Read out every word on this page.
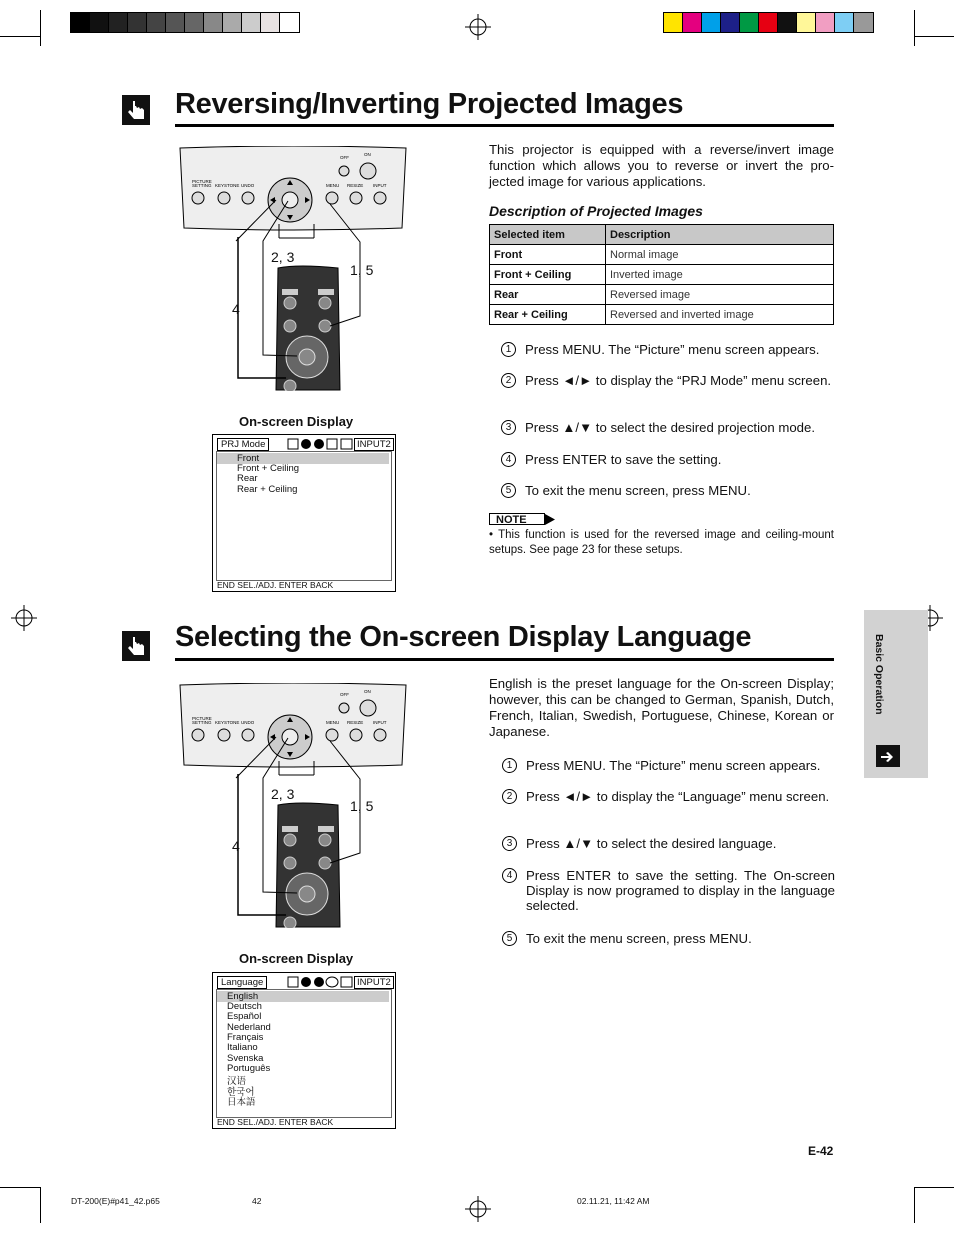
Reversing/Inverting Projected Images
PICTURE
SETTING KEYSTONE UNDO	MENU RESIZE INPUT
OFF
ON
2, 3
1, 5
4
On-screen Display
PRJ Mode	INPUT2
Front
Front + Ceiling
Rear
Rear + Ceiling
END SEL./ADJ. ENTER BACK
This projector is equipped with a reverse/invert image function which allows you to reverse or invert the pro-jected image for various applications.
Description of Projected Images
Selected item	Description
Front	Normal image
Front + Ceiling	Inverted image
Rear	Reversed image
Rear + Ceiling	Reversed and inverted image
1	Press MENU. The “Picture” menu screen appears.
2	Press ◄/► to display the “PRJ Mode” menu screen.
3	Press ▲/▼ to select the desired projection mode.
4	Press ENTER to save the setting.
5	To exit the menu screen, press MENU.
NOTE
• This function is used for the reversed image and ceiling-mount setups. See page 23 for these setups.
Selecting the On-screen Display Language
PICTURE
SETTING KEYSTONE UNDO	MENU RESIZE INPUT
OFF
ON
2, 3
1, 5
4
On-screen Display
Language	INPUT2
English
Deutsch
Español
Nederland
Français
Italiano
Svenska
Português
汉语
한국어
日本語
END SEL./ADJ. ENTER BACK
English is the preset language for the On-screen Display; however, this can be changed to German, Spanish, Dutch, French, Italian, Swedish, Portuguese, Chinese, Korean or Japanese.
1	Press MENU. The “Picture” menu screen appears.
2	Press ◄/► to display the “Language” menu screen.
3	Press ▲/▼ to select the desired language.
4	Press ENTER to save the setting. The On-screen Display is now programed to display in the language selected.
5	To exit the menu screen, press MENU.
Basic Operation
E-42
DT-200(E)#p41_42.p65	42	02.11.21, 11:42 AM
